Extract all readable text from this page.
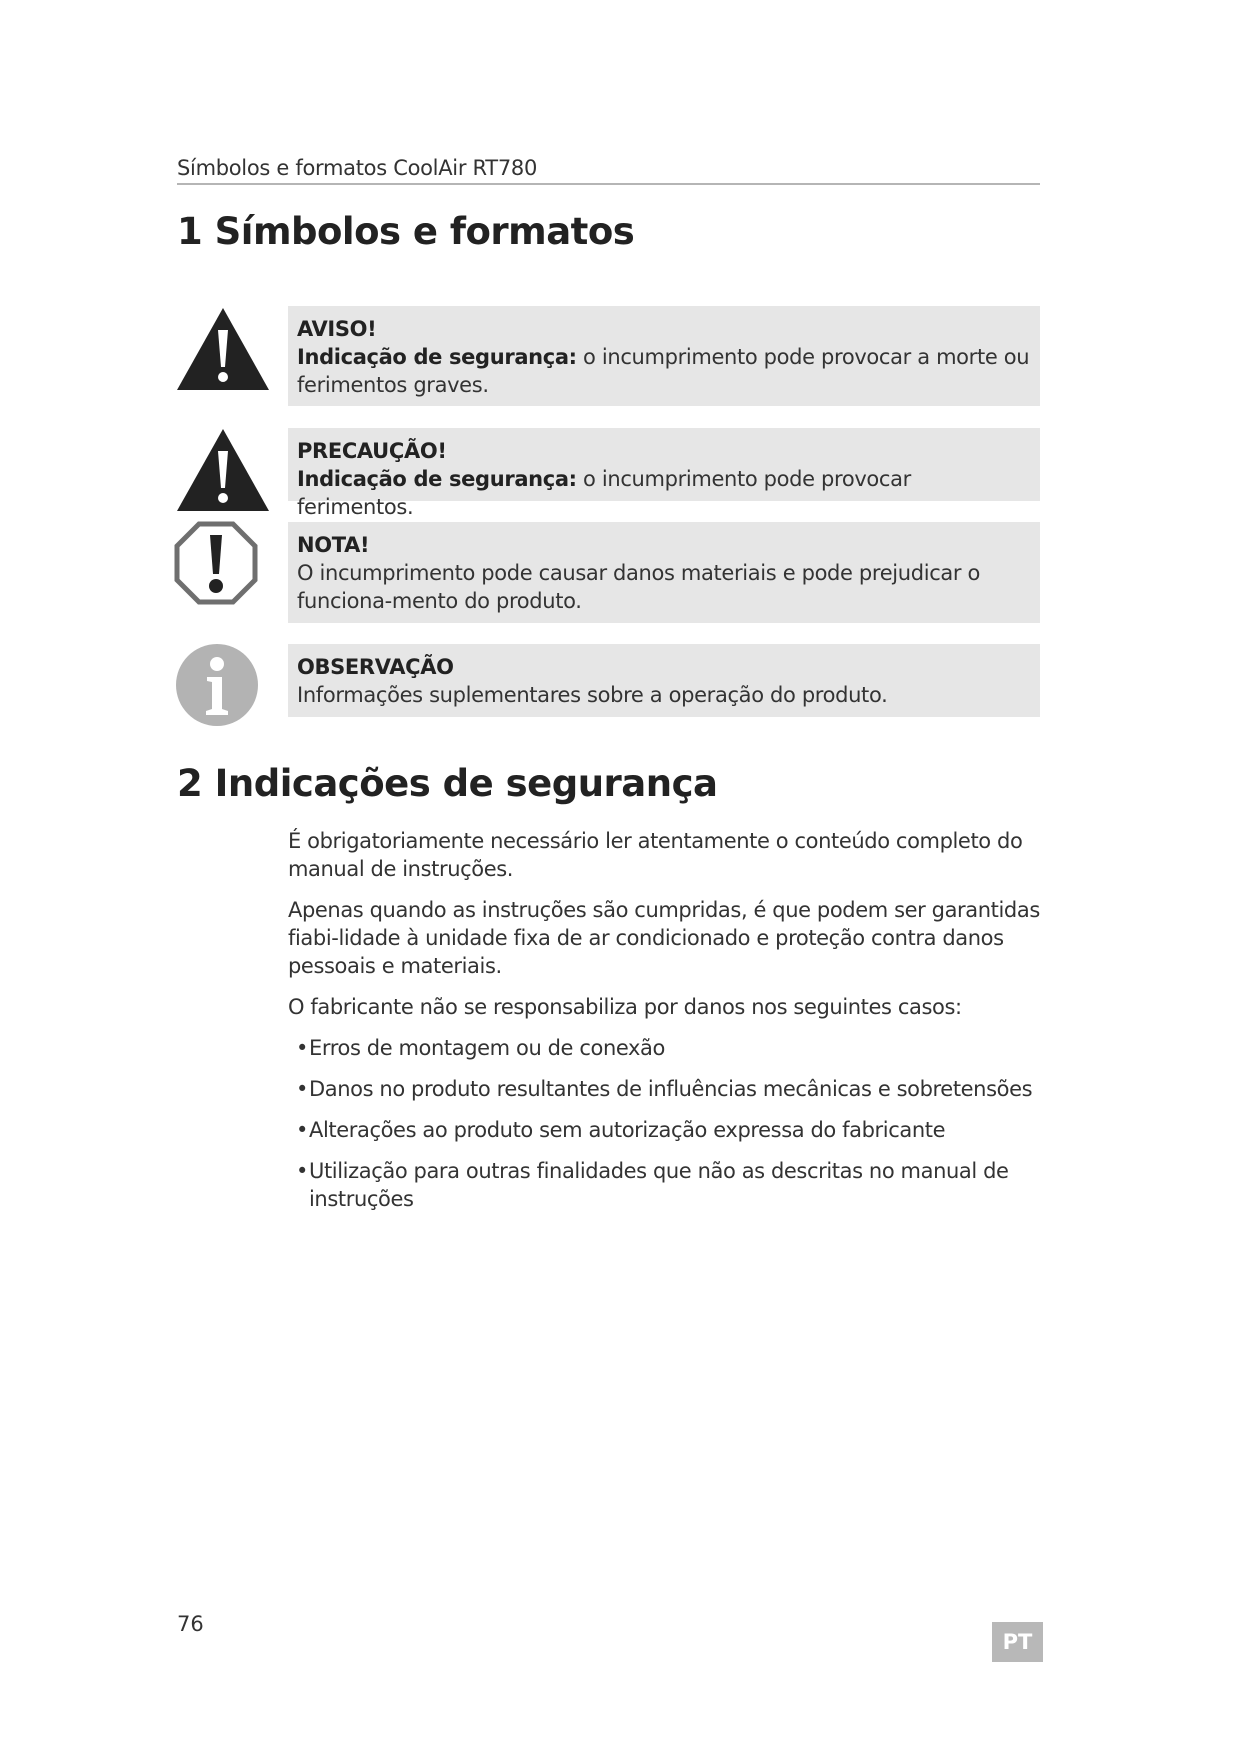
Símbolos e formatos CoolAir RT780
1 Símbolos e formatos
AVISO!
Indicação de segurança: o incumprimento pode provocar a morte ou ferimentos graves.
PRECAUÇÃO!
Indicação de segurança: o incumprimento pode provocar ferimentos.
NOTA!
O incumprimento pode causar danos materiais e pode prejudicar o funciona-mento do produto.
OBSERVAÇÃO
Informações suplementares sobre a operação do produto.
2 Indicações de segurança

É obrigatoriamente necessário ler atentamente o conteúdo completo do manual de instruções.

Apenas quando as instruções são cumpridas, é que podem ser garantidas fiabi-lidade à unidade fixa de ar condicionado e proteção contra danos pessoais e materiais.

O fabricante não se responsabiliza por danos nos seguintes casos:

•Erros de montagem ou de conexão
•Danos no produto resultantes de influências mecânicas e sobretensões
•Alterações ao produto sem autorização expressa do fabricante
•Utilização para outras finalidades que não as descritas no manual de instruções
76
PT
